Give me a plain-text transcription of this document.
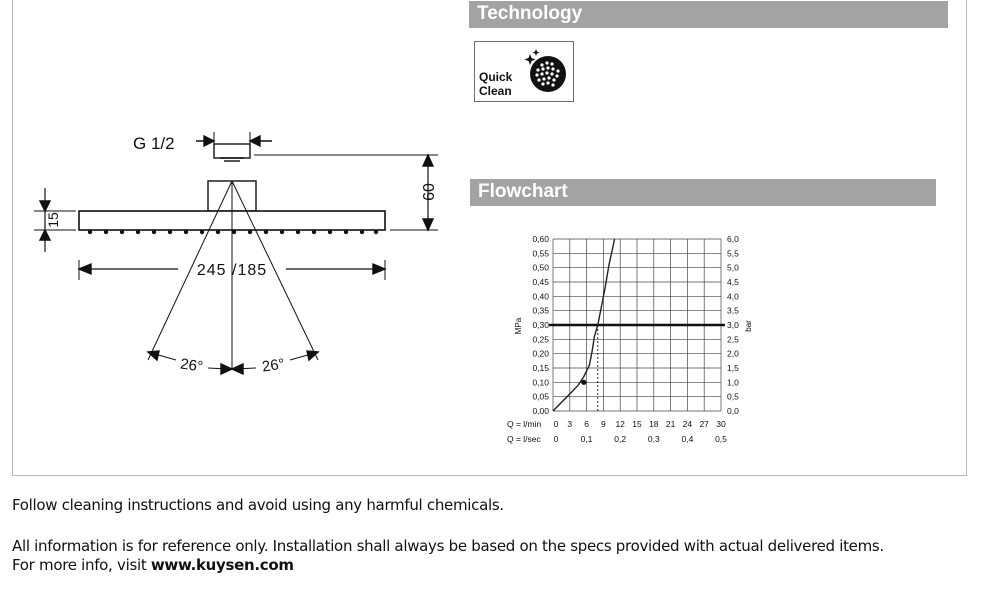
Technology
Quick
Clean
G 1/2
60
15
245 /185
26°	26°
Flowchart
0,60
0,55
0,50
0,45
0,40
0,35
0,30
0,25
0,20
0,15
0,10
0,05
0,00
6,0
5,5
5,0
4,5
4,0
3,5
3,0
2,5
2,0
1,5
1,0
0,5
0,0
0 3 6 9 12 15 18 21 24 27 30
0	0,1	0,2	0,3	0,4	0,5
MPa	bar
Q = l/min
Q = l/sec
Follow cleaning instructions and avoid using any harmful chemicals.
All information is for reference only. Installation shall always be based on the specs provided with actual delivered items.
For more info, visit www.kuysen.com
